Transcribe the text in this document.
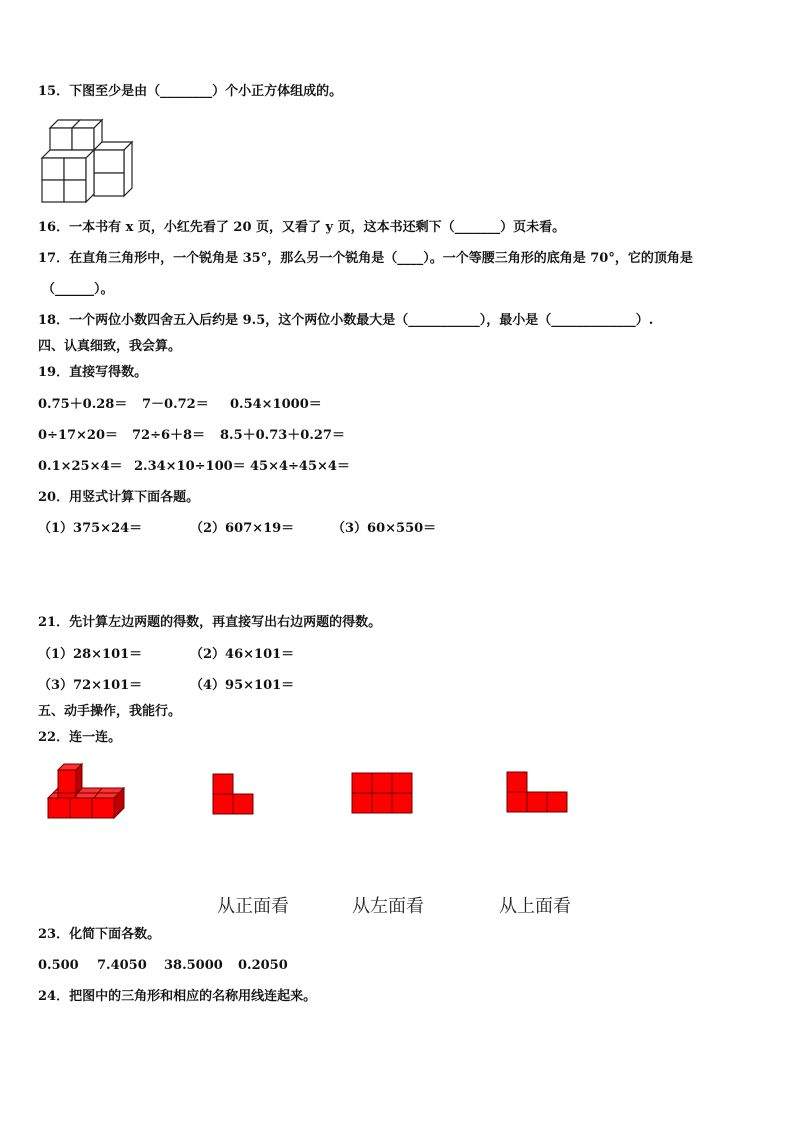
15．下图至少是由（________）个小正方体组成的。
16．一本书有 x 页，小红先看了 20 页，又看了 y 页，这本书还剩下（_______）页未看。
17．在直角三角形中，一个锐角是 35°，那么另一个锐角是（____）。一个等腰三角形的底角是 70°，它的顶角是
（______）。
18．一个两位小数四舍五入后约是 9.5，这个两位小数最大是（___________），最小是（_____________）.
四、认真细致，我会算。
19．直接写得数。
0.75＋0.28＝ 7－0.72＝ 0.54×1000＝
0÷17×20＝ 72÷6＋8＝ 8.5＋0.73＋0.27＝
0.1×25×4＝ 2.34×10÷100＝ 45×4÷45×4＝
20．用竖式计算下面各题。
（1）375×24＝	（2）607×19＝	（3）60×550＝
21．先计算左边两题的得数，再直接写出右边两题的得数。
（1）28×101＝	（2）46×101＝
（3）72×101＝	（4）95×101＝
五、动手操作，我能行。
22．连一连。
从正面看	从左面看	从上面看
23．化简下面各数。
0.500 7.4050 38.5000 0.2050
24．把图中的三角形和相应的名称用线连起来。
